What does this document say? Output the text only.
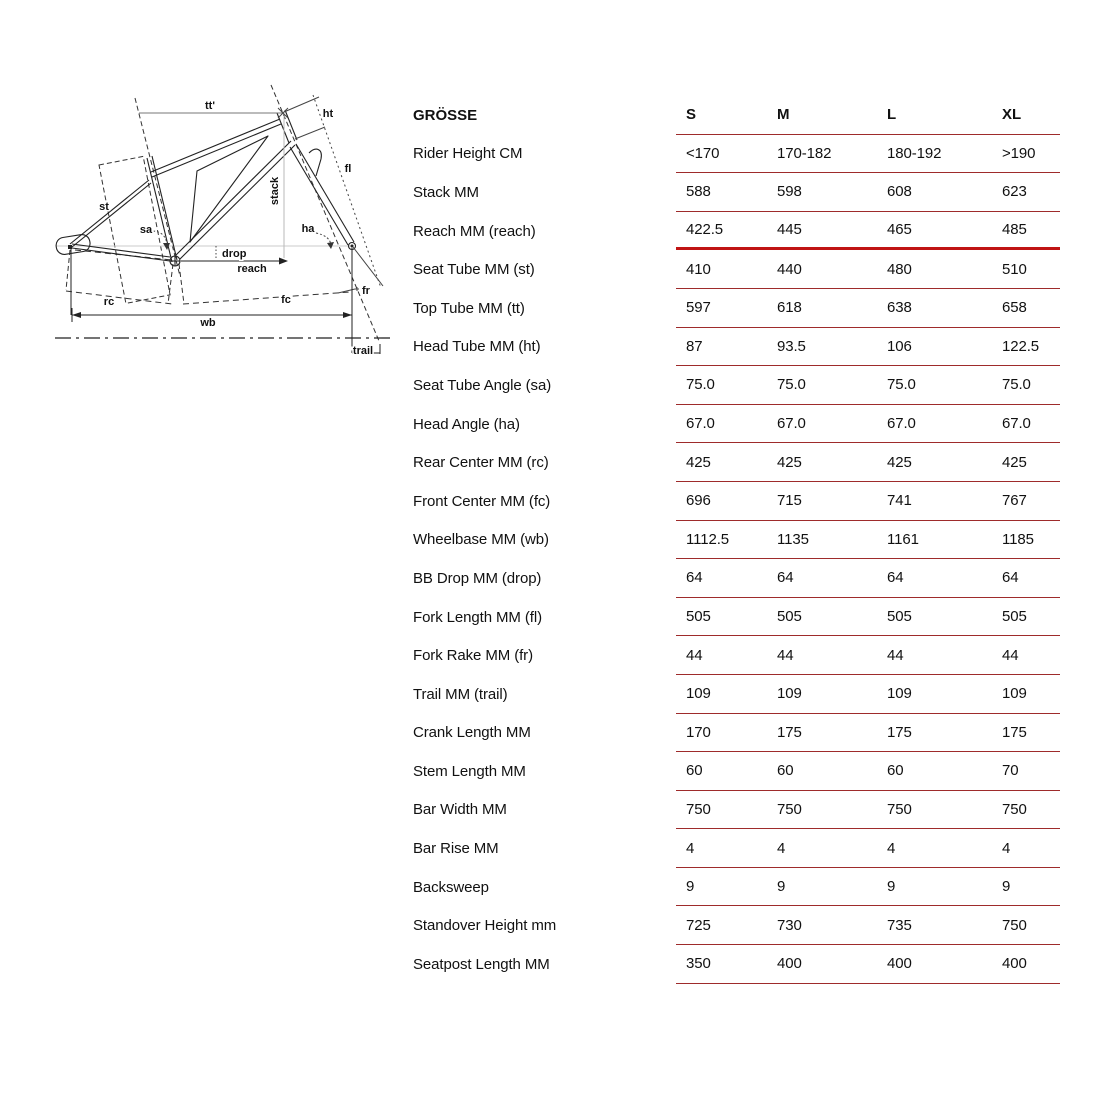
tt'
ht
fl
stack
st
sa	ha
drop
reach
fr
rc	fc
wb
trail
GRÖSSE	S	M	L	XL
Rider Height CM	<170	170-182	180-192	>190
Stack MM	588	598	608	623
Reach MM (reach)	422.5	445	465	485
Seat Tube MM (st)	410	440	480	510
Top Tube MM (tt)	597	618	638	658
Head Tube MM (ht)	87	93.5	106	122.5
Seat Tube Angle (sa)	75.0	75.0	75.0	75.0
Head Angle (ha)	67.0	67.0	67.0	67.0
Rear Center MM (rc)	425	425	425	425
Front Center MM (fc)	696	715	741	767
Wheelbase MM (wb)	1112.5	1135	1161	1185
BB Drop MM (drop)	64	64	64	64
Fork Length MM (fl)	505	505	505	505
Fork Rake MM (fr)	44	44	44	44
Trail MM (trail)	109	109	109	109
Crank Length MM	170	175	175	175
Stem Length MM	60	60	60	70
Bar Width MM	750	750	750	750
Bar Rise MM	4	4	4	4
Backsweep	9	9	9	9
Standover Height mm	725	730	735	750
Seatpost Length MM	350	400	400	400
